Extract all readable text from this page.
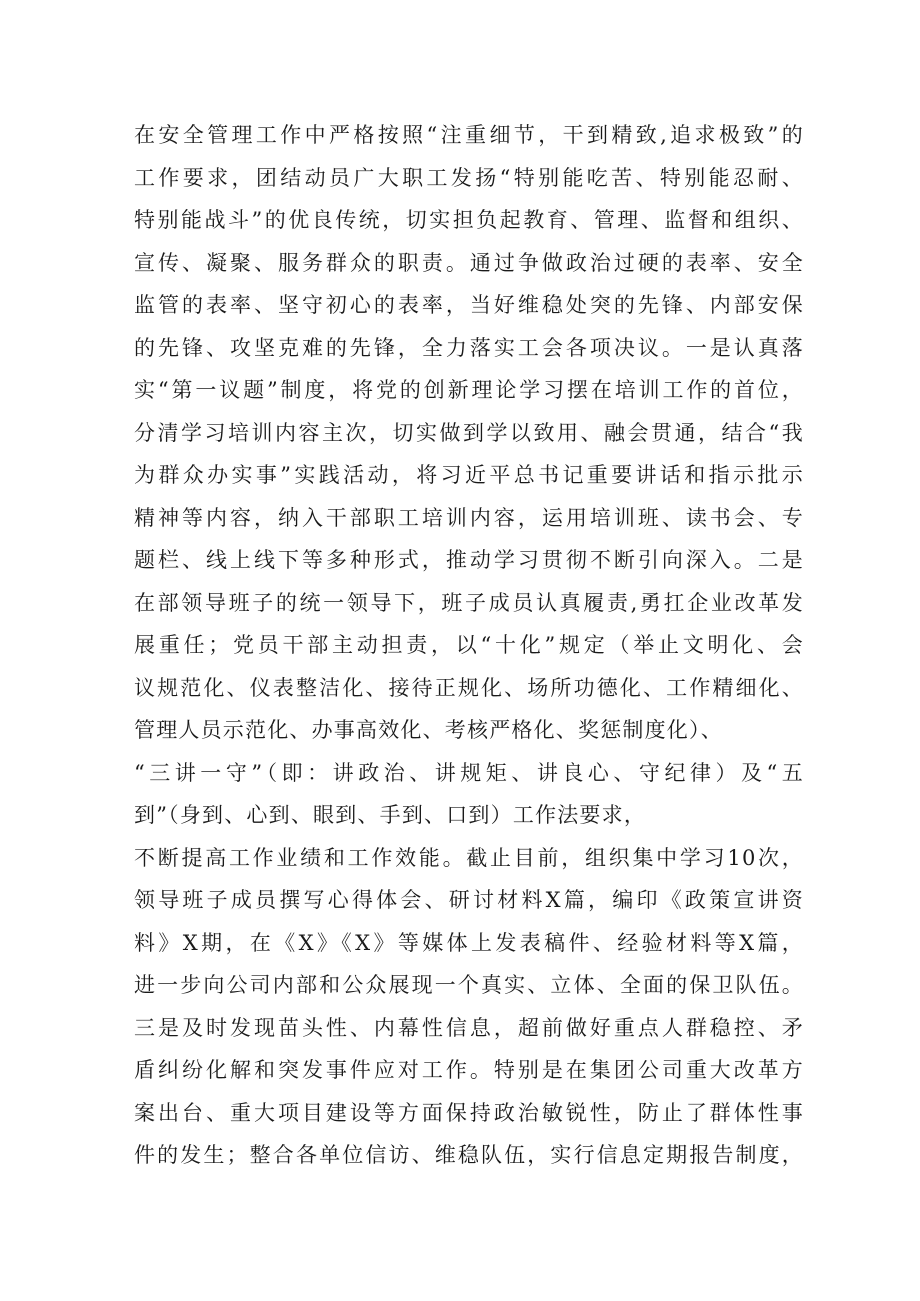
在安全管理工作中严格按照“注重细节，干到精致,追求极致”的
工作要求，团结动员广大职工发扬“特别能吃苦、特别能忍耐、
特别能战斗”的优良传统，切实担负起教育、管理、监督和组织、
宣传、凝聚、服务群众的职责。通过争做政治过硬的表率、安全
监管的表率、坚守初心的表率，当好维稳处突的先锋、内部安保
的先锋、攻坚克难的先锋，全力落实工会各项决议。一是认真落
实“第一议题”制度，将党的创新理论学习摆在培训工作的首位，
分清学习培训内容主次，切实做到学以致用、融会贯通，结合“我
为群众办实事”实践活动，将习近平总书记重要讲话和指示批示
精神等内容，纳入干部职工培训内容，运用培训班、读书会、专
题栏、线上线下等多种形式，推动学习贯彻不断引向深入。二是
在部领导班子的统一领导下，班子成员认真履责,勇扛企业改革发
展重任；党员干部主动担责，以“十化”规定（举止文明化、会
议规范化、仪表整洁化、接待正规化、场所功德化、工作精细化、
管理人员示范化、办事高效化、考核严格化、奖惩制度化）、
“三讲一守”（即：讲政治、讲规矩、讲良心、守纪律）及“五
到”（身到、心到、眼到、手到、口到）工作法要求，
不断提高工作业绩和工作效能。截止目前，组织集中学习10次，
领导班子成员撰写心得体会、研讨材料X篇，编印《政策宣讲资
料》X期，在《X》《X》等媒体上发表稿件、经验材料等X篇，
进一步向公司内部和公众展现一个真实、立体、全面的保卫队伍。
三是及时发现苗头性、内幕性信息，超前做好重点人群稳控、矛
盾纠纷化解和突发事件应对工作。特别是在集团公司重大改革方
案出台、重大项目建设等方面保持政治敏锐性，防止了群体性事
件的发生；整合各单位信访、维稳队伍，实行信息定期报告制度，
